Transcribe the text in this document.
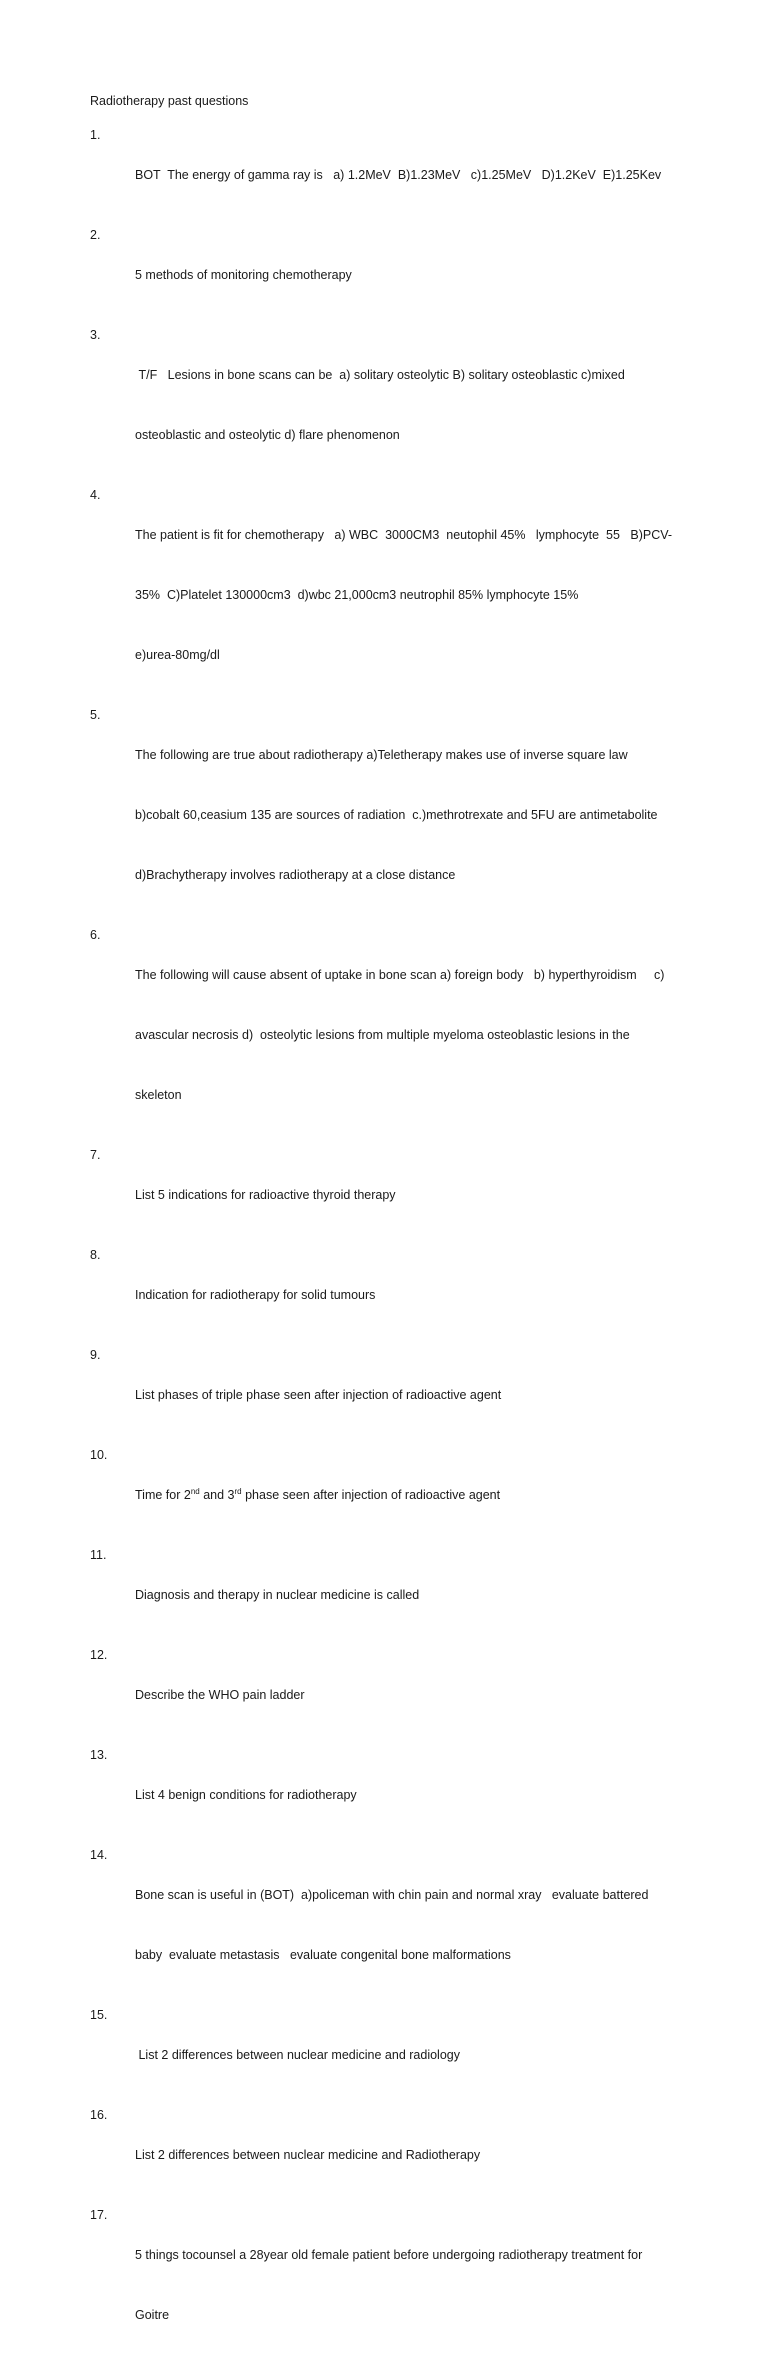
Radiotherapy past questions
1.

BOT  The energy of gamma ray is   a) 1.2MeV  B)1.23MeV   c)1.25MeV   D)1.2KeV  E)1.25Kev

2.

5 methods of monitoring chemotherapy

3.

T/F   Lesions in bone scans can be  a) solitary osteolytic B) solitary osteoblastic c)mixed

osteoblastic and osteolytic d) flare phenomenon

4.

The patient is fit for chemotherapy   a) WBC  3000CM3  neutophil 45%   lymphocyte  55   B)PCV-

35%  C)Platelet 130000cm3  d)wbc 21,000cm3 neutrophil 85% lymphocyte 15%

e)urea-80mg/dl

5.

The following are true about radiotherapy a)Teletherapy makes use of inverse square law

b)cobalt 60,ceasium 135 are sources of radiation  c.)methrotrexate and 5FU are antimetabolite

d)Brachytherapy involves radiotherapy at a close distance

6.

The following will cause absent of uptake in bone scan a) foreign body   b) hyperthyroidism     c)

avascular necrosis d)  osteolytic lesions from multiple myeloma osteoblastic lesions in the

skeleton

7.

List 5 indications for radioactive thyroid therapy

8.

Indication for radiotherapy for solid tumours

9.

List phases of triple phase seen after injection of radioactive agent

10.

Time for 2nd and 3rd phase seen after injection of radioactive agent

11.

Diagnosis and therapy in nuclear medicine is called

12.

Describe the WHO pain ladder

13.

List 4 benign conditions for radiotherapy

14.

Bone scan is useful in (BOT)  a)policeman with chin pain and normal xray   evaluate battered

baby  evaluate metastasis   evaluate congenital bone malformations

15.

List 2 differences between nuclear medicine and radiology

16.

List 2 differences between nuclear medicine and Radiotherapy

17.

5 things tocounsel a 28year old female patient before undergoing radiotherapy treatment for

Goitre
